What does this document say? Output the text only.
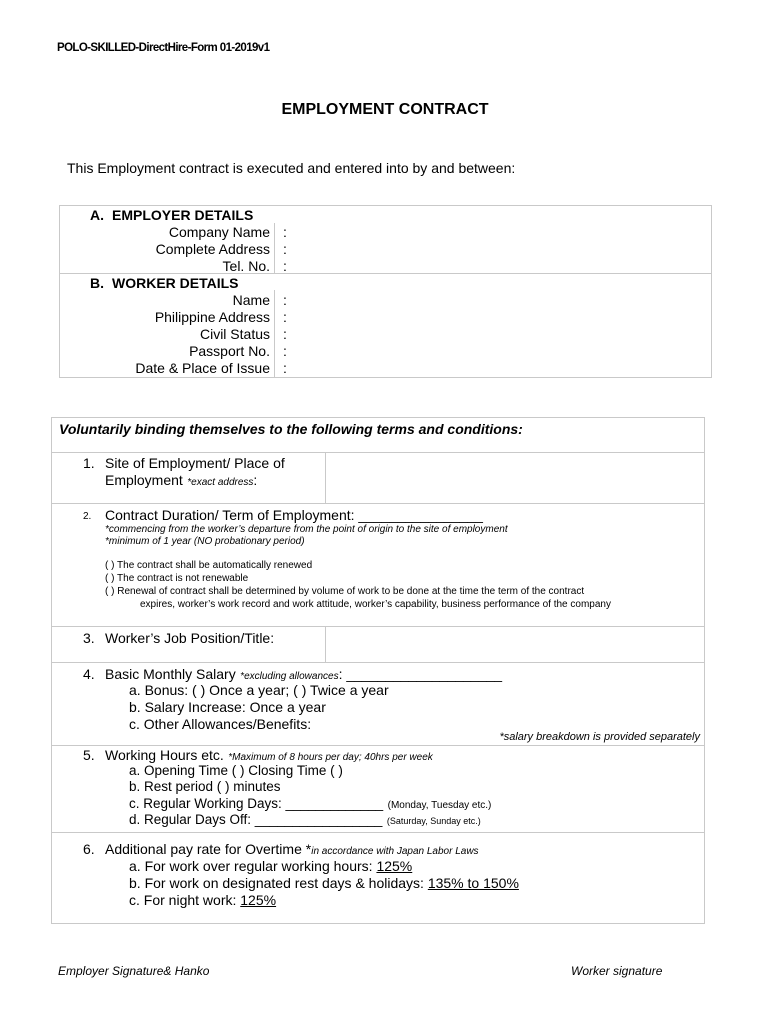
POLO-SKILLED-DirectHire-Form 01-2019v1
EMPLOYMENT CONTRACT
This Employment contract is executed and entered into by and between:
A. EMPLOYER DETAILS
Company Name :
Complete Address :
Tel. No. :
B. WORKER DETAILS
Name :
Philippine Address :
Civil Status :
Passport No. :
Date & Place of Issue :
Voluntarily binding themselves to the following terms and conditions:
1. Site of Employment/ Place of
Employment *exact address:
2. Contract Duration/ Term of Employment: ________________
*commencing from the worker’s departure from the point of origin to the site of employment
*minimum of 1 year (NO probationary period)
( ) The contract shall be automatically renewed
( ) The contract is not renewable
( ) Renewal of contract shall be determined by volume of work to be done at the time the term of the contract
expires, worker’s work record and work attitude, worker’s capability, business performance of the company
3. Worker’s Job Position/Title:
4. Basic Monthly Salary *excluding allowances: ____________________
a. Bonus: ( ) Once a year; ( ) Twice a year
b. Salary Increase: Once a year
c. Other Allowances/Benefits:
*salary breakdown is provided separately
5. Working Hours etc. *Maximum of 8 hours per day; 40hrs per week
a. Opening Time ( ) Closing Time ( )
b. Rest period ( ) minutes
c. Regular Working Days: _____________ (Monday, Tuesday etc.)
d. Regular Days Off: _________________ (Saturday, Sunday etc.)
6. Additional pay rate for Overtime *in accordance with Japan Labor Laws
a. For work over regular working hours: 125%
b. For work on designated rest days & holidays: 135% to 150%
c. For night work: 125%
Employer Signature& Hanko	Worker signature
